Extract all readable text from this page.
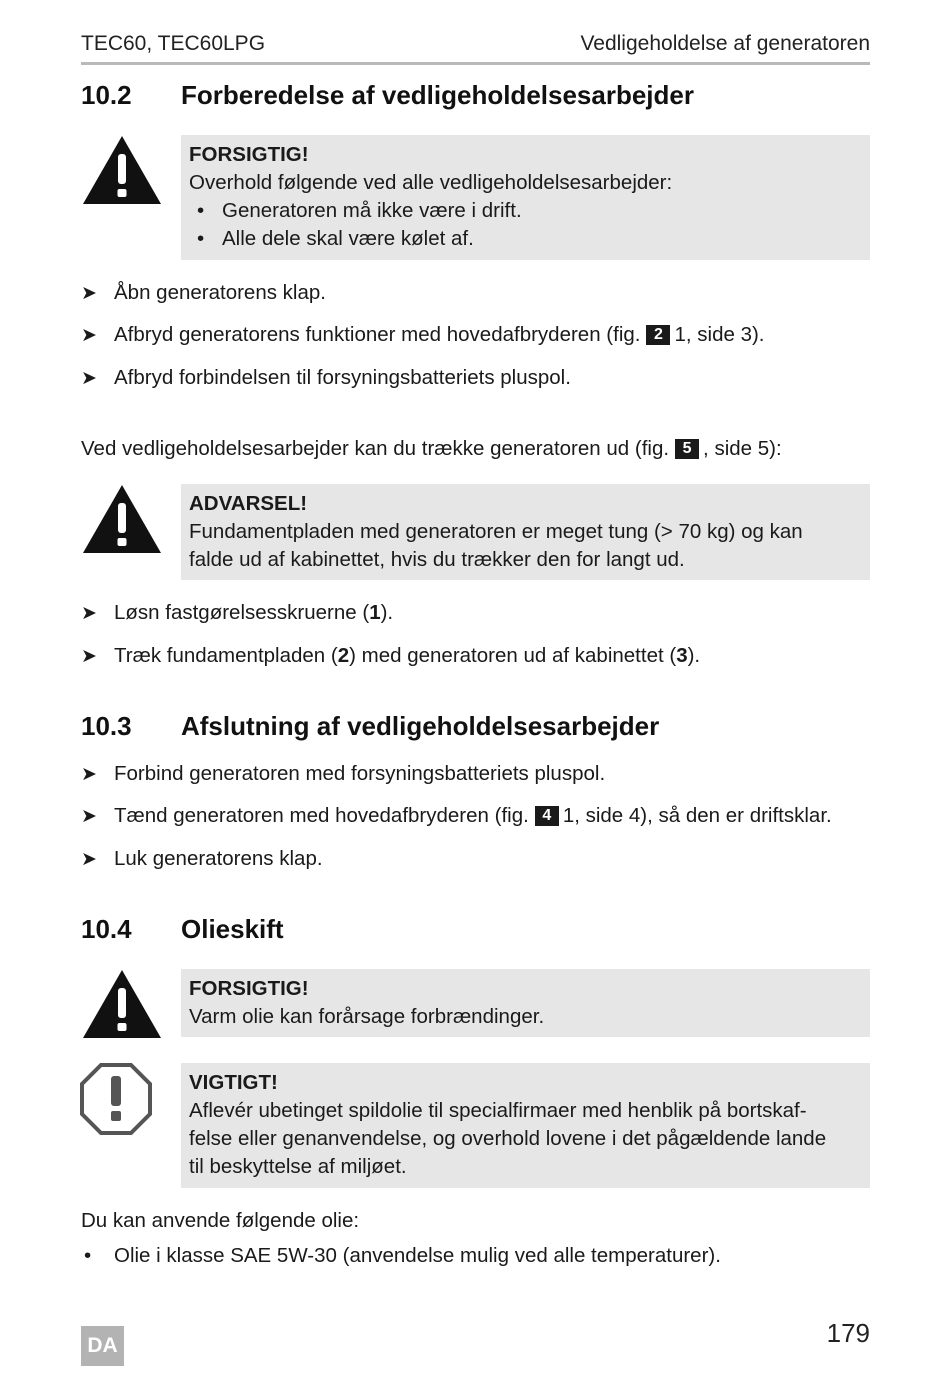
TEC60, TEC60LPG	Vedligeholdelse af generatoren
10.2 Forberedelse af vedligeholdelsesarbejder
FORSIGTIG!
Overhold følgende ved alle vedligeholdelsesarbejder:
• Generatoren må ikke være i drift.
• Alle dele skal være kølet af.
➤ Åbn generatorens klap.
➤ Afbryd generatorens funktioner med hovedafbryderen (fig. 2 1, side 3).
➤ Afbryd forbindelsen til forsyningsbatteriets pluspol.
Ved vedligeholdelsesarbejder kan du trække generatoren ud (fig. 5 , side 5):
ADVARSEL!
Fundamentpladen med generatoren er meget tung (> 70 kg) og kan
falde ud af kabinettet, hvis du trækker den for langt ud.
➤ Løsn fastgørelsesskruerne (1).
➤ Træk fundamentpladen (2) med generatoren ud af kabinettet (3).
10.3 Afslutning af vedligeholdelsesarbejder
➤ Forbind generatoren med forsyningsbatteriets pluspol.
➤ Tænd generatoren med hovedafbryderen (fig. 4 1, side 4), så den er driftsklar.
➤ Luk generatorens klap.
10.4 Olieskift
FORSIGTIG!
Varm olie kan forårsage forbrændinger.
VIGTIGT!
Aflevér ubetinget spildolie til specialfirmaer med henblik på bortskaf-
felse eller genanvendelse, og overhold lovene i det pågældende lande
til beskyttelse af miljøet.
Du kan anvende følgende olie:
• Olie i klasse SAE 5W-30 (anvendelse mulig ved alle temperaturer).
DA	179
